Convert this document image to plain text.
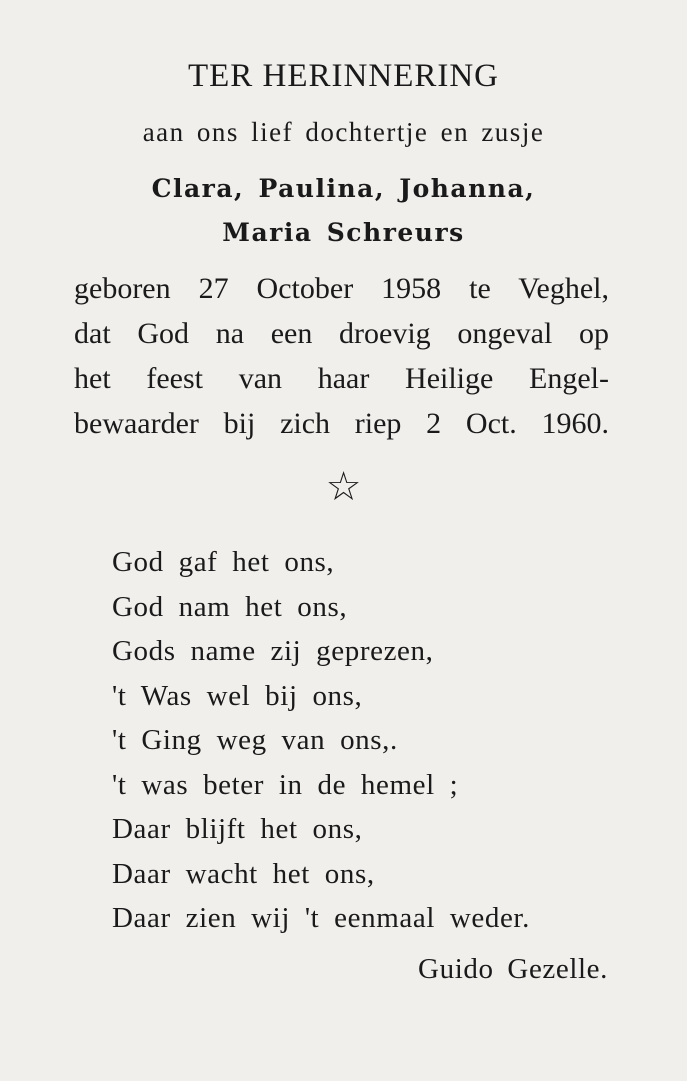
TER HERINNERING
aan ons lief dochtertje en zusje
Clara, Paulina, Johanna,
Maria Schreurs
geboren 27 October 1958 te Veghel,
dat God na een droevig ongeval op
het feest van haar Heilige Engel-
bewaarder bij zich riep 2 Oct. 1960.
☆
God gaf het ons,
God nam het ons,
Gods name zij geprezen,
't Was wel bij ons,
't Ging weg van ons,.
't was beter in de hemel ;
Daar blijft het ons,
Daar wacht het ons,
Daar zien wij 't eenmaal weder.
Guido Gezelle.
